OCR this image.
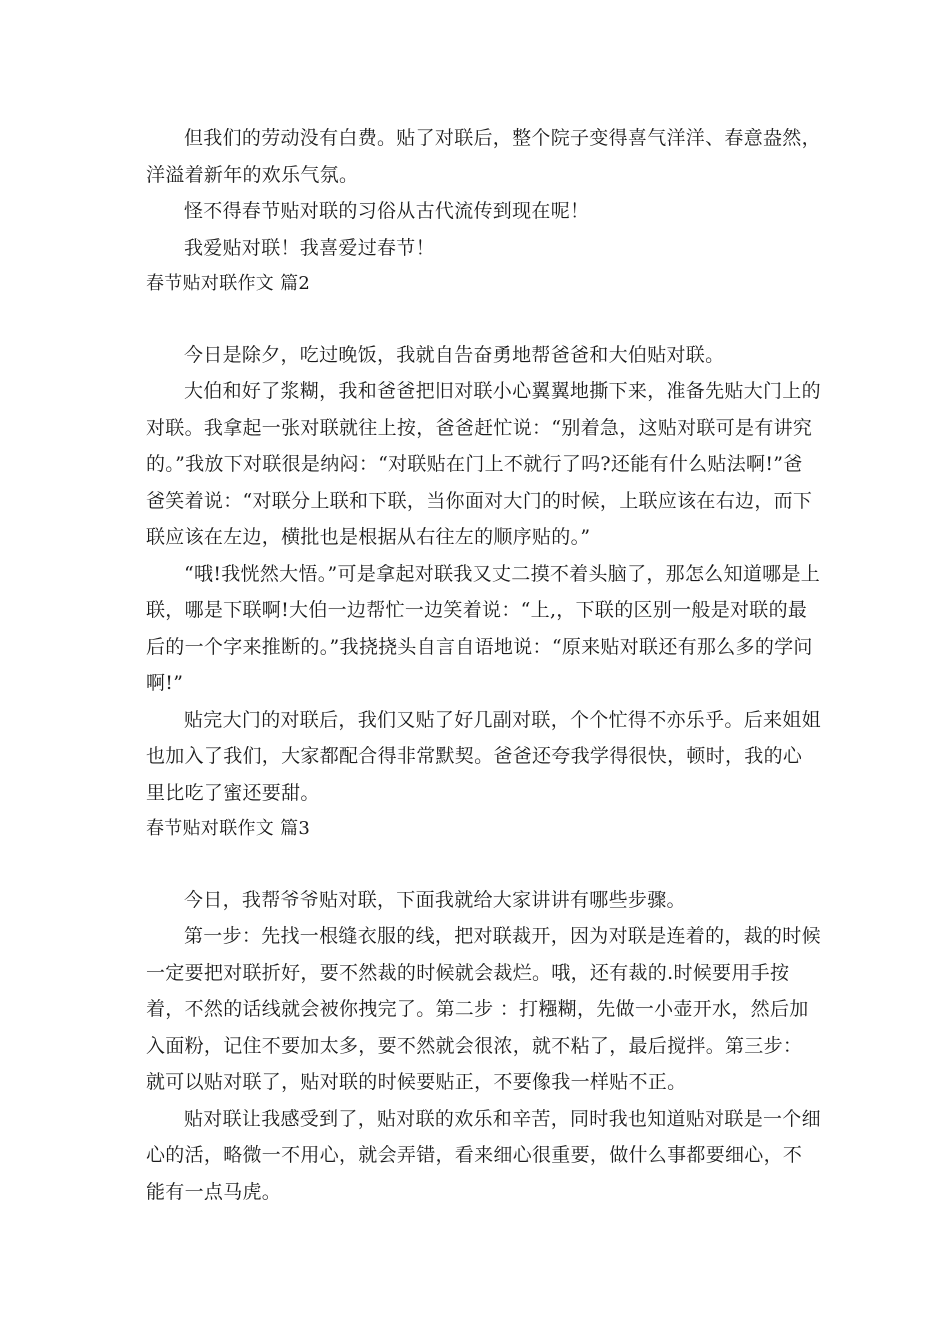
但我们的劳动没有白费。贴了对联后，整个院子变得喜气洋洋、春意盎然，洋溢着新年的欢乐气氛。

怪不得春节贴对联的习俗从古代流传到现在呢！

我爱贴对联！我喜爱过春节！

春节贴对联作文 篇2

今日是除夕，吃过晚饭，我就自告奋勇地帮爸爸和大伯贴对联。

大伯和好了浆糊，我和爸爸把旧对联小心翼翼地撕下来，准备先贴大门上的对联。我拿起一张对联就往上按，爸爸赶忙说：“别着急，这贴对联可是有讲究的。”我放下对联很是纳闷：“对联贴在门上不就行了吗?还能有什么贴法啊!”爸爸笑着说：“对联分上联和下联，当你面对大门的时候，上联应该在右边，而下联应该在左边，横批也是根据从右往左的顺序贴的。”

“哦!我恍然大悟。”可是拿起对联我又丈二摸不着头脑了，那怎么知道哪是上联，哪是下联啊!大伯一边帮忙一边笑着说：“上,，下联的区别一般是对联的最后的一个字来推断的。”我挠挠头自言自语地说：“原来贴对联还有那么多的学问啊!”

贴完大门的对联后，我们又贴了好几副对联，个个忙得不亦乐乎。后来姐姐也加入了我们，大家都配合得非常默契。爸爸还夸我学得很快，顿时，我的心里比吃了蜜还要甜。

春节贴对联作文 篇3

今日，我帮爷爷贴对联，下面我就给大家讲讲有哪些步骤。

第一步：先找一根缝衣服的线，把对联裁开，因为对联是连着的，裁的时候一定要把对联折好，要不然裁的时候就会裁烂。哦，还有裁的.时候要用手按着，不然的话线就会被你拽完了。第二步 ：打糨糊，先做一小壶开水，然后加入面粉，记住不要加太多，要不然就会很浓，就不粘了，最后搅拌。第三步：就可以贴对联了，贴对联的时候要贴正，不要像我一样贴不正。

贴对联让我感受到了，贴对联的欢乐和辛苦，同时我也知道贴对联是一个细心的活，略微一不用心，就会弄错，看来细心很重要，做什么事都要细心，不能有一点马虎。
